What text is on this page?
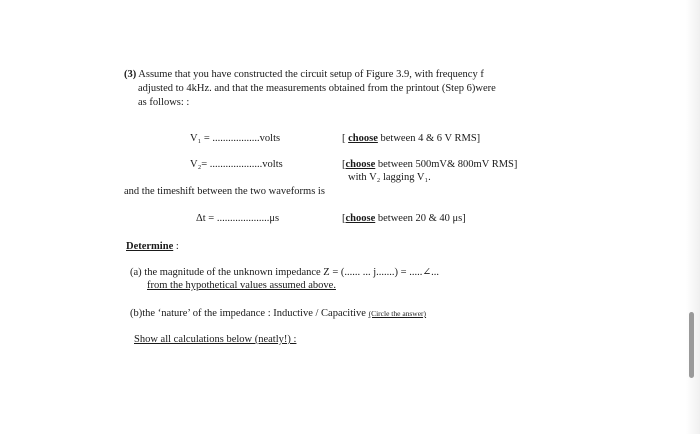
(3) Assume that you have constructed the circuit setup of Figure 3.9, with frequency f
adjusted to 4kHz. and that the measurements obtained from the printout (Step 6)were
as follows: :
V₁ = ..................volts	[ choose between 4 & 6 V RMS]
V₂= ....................volts	[choose between 500mV& 800mV RMS]
with V₂ lagging V₁.
and the timeshift between the two waveforms is
Δt = ....................μs	[choose between 20 & 40 μs]
Determine :
(a) the magnitude of the unknown impedance Z = (...... ... j.......) = .....∠...
from the hypothetical values assumed above.
(b)the ‘nature’ of the impedance : Inductive / Capacitive (Circle the answer)
Show all calculations below (neatly!) :
